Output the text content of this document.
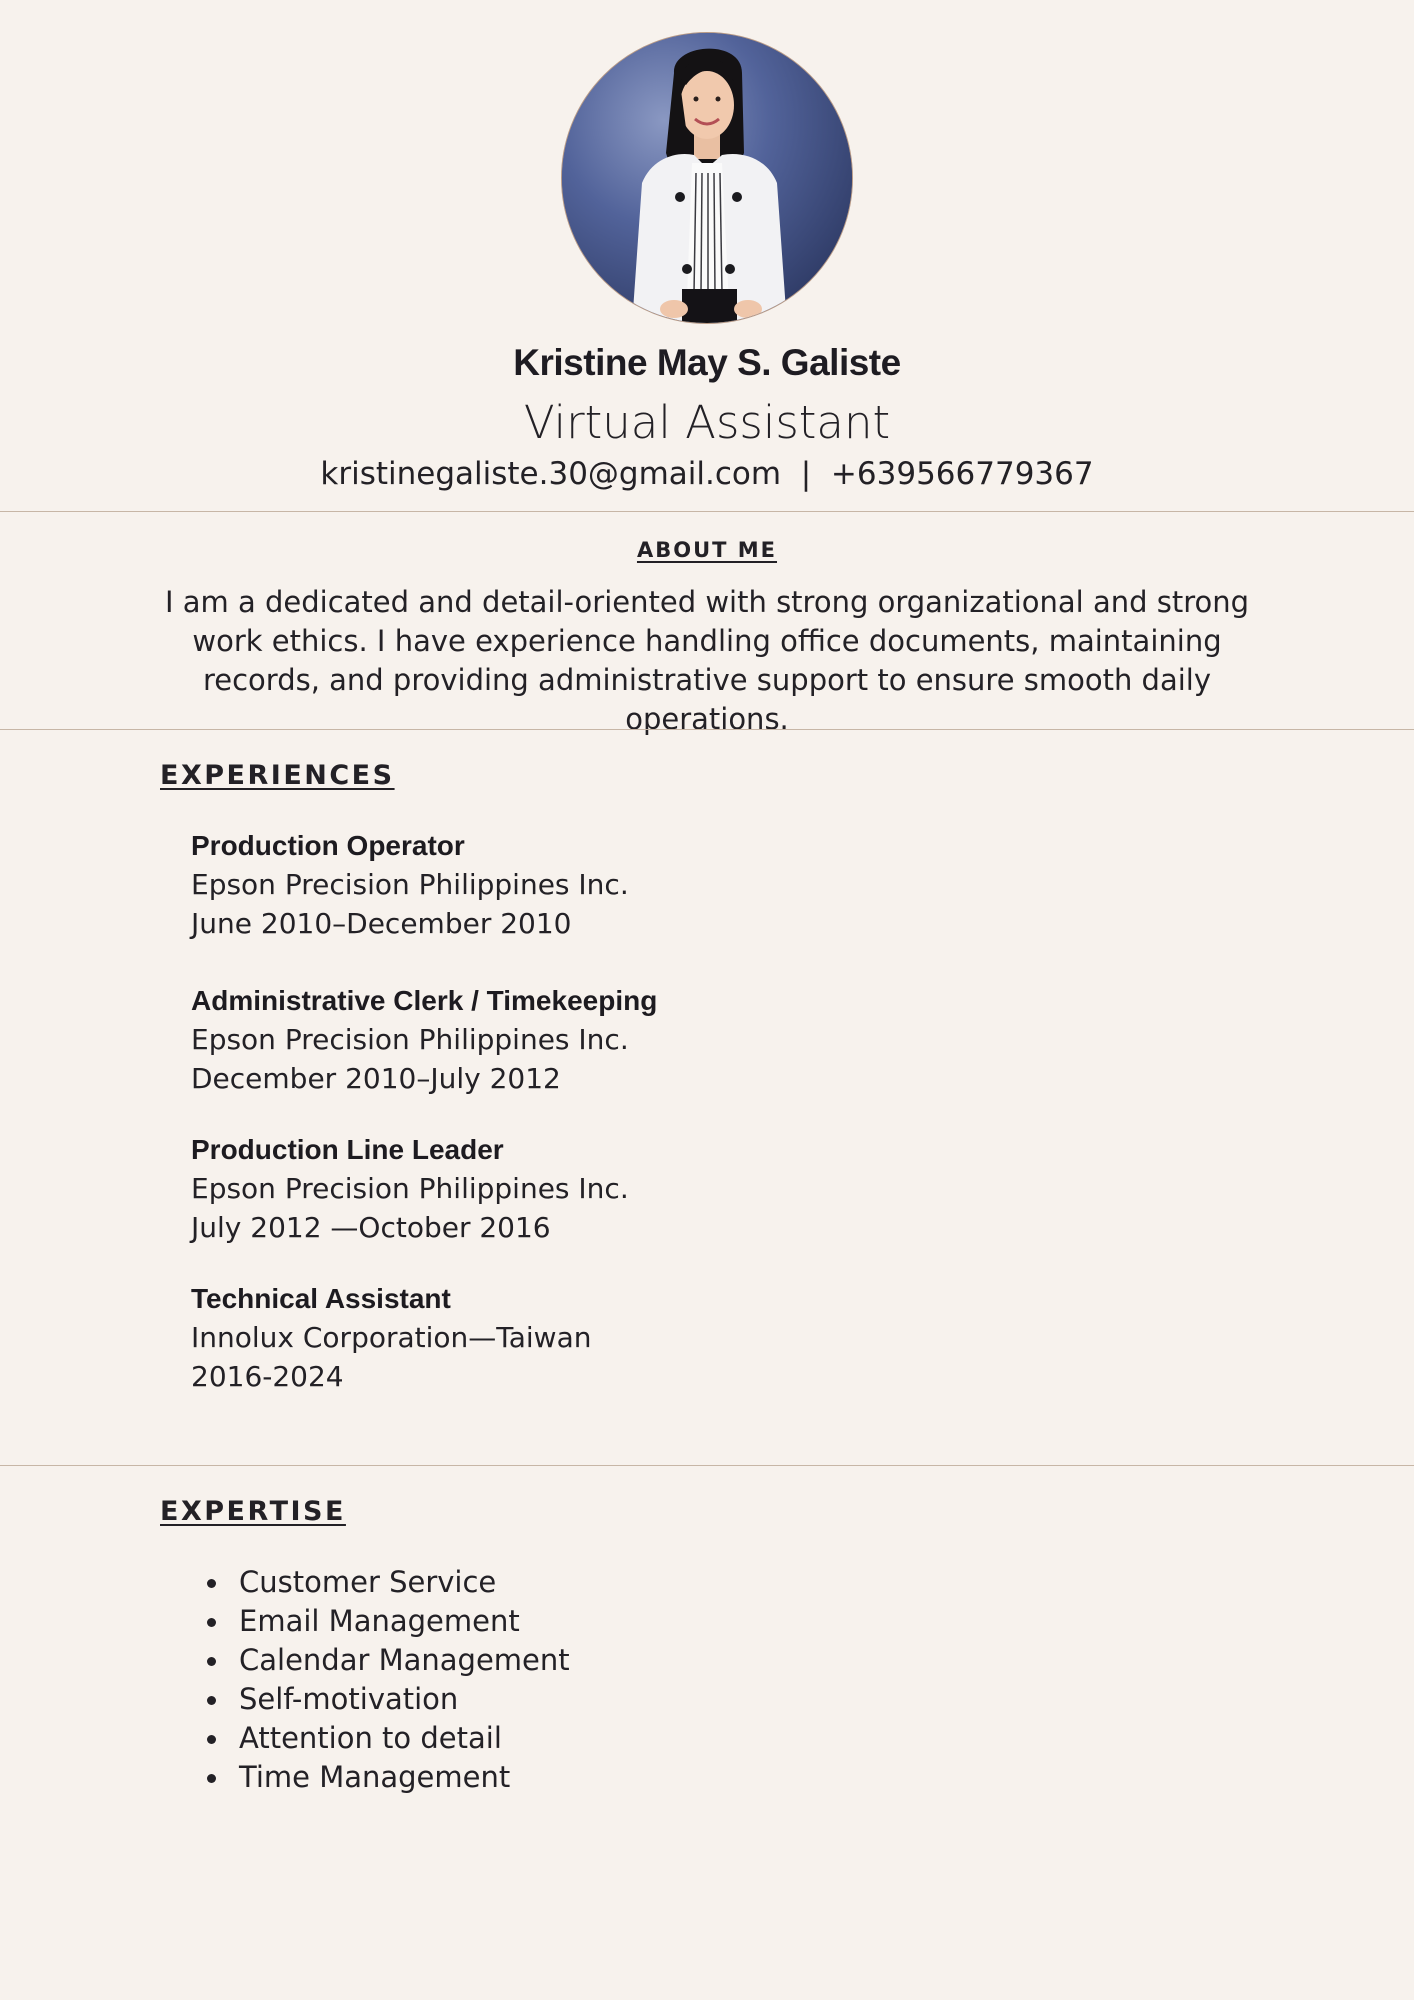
Kristine May S. Galiste
Virtual Assistant
kristinegaliste.30@gmail.com  |  +639566779367
ABOUT ME
I am a dedicated and detail-oriented with strong organizational and strong work ethics. I have experience handling office documents, maintaining records, and providing administrative support to ensure smooth daily operations.
EXPERIENCES
Production Operator
Epson Precision Philippines Inc.
June 2010–December 2010
Administrative Clerk / Timekeeping
Epson Precision Philippines Inc.
December 2010–July 2012
Production Line Leader
Epson Precision Philippines Inc.
July 2012 —October 2016
Technical Assistant
Innolux Corporation—Taiwan
2016-2024
EXPERTISE
Customer Service
Email Management
Calendar Management
Self-motivation
Attention to detail
Time Management
